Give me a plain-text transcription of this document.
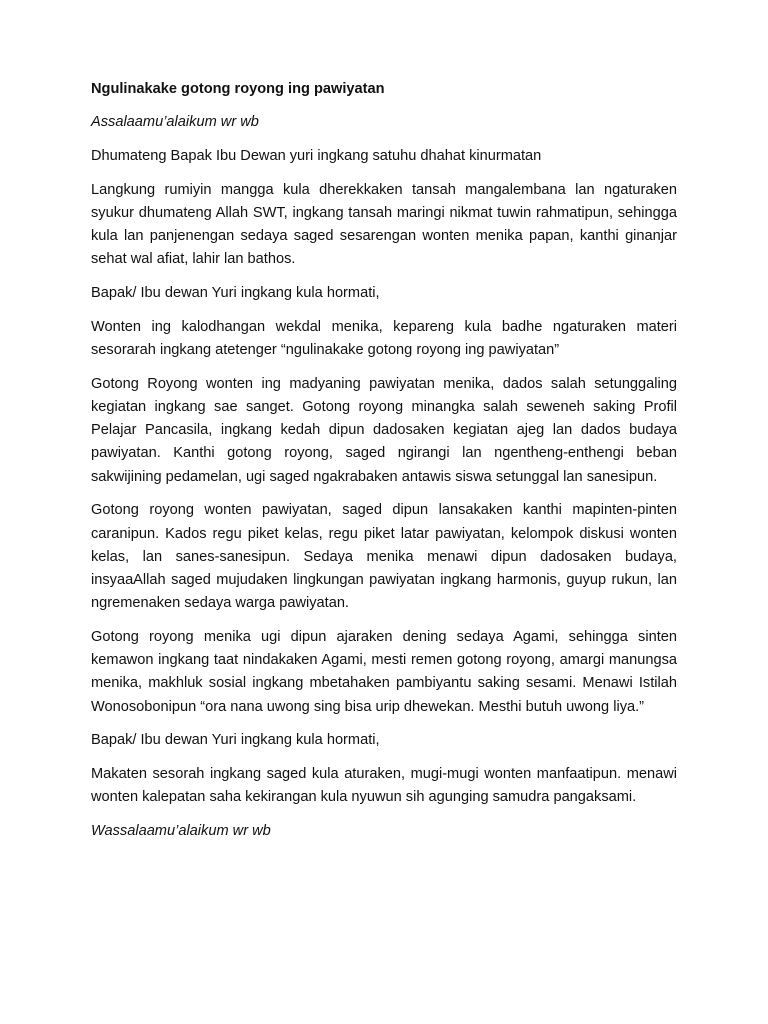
Ngulinakake gotong royong ing pawiyatan

Assalaamu’alaikum wr wb

Dhumateng Bapak Ibu Dewan yuri ingkang satuhu dhahat kinurmatan

Langkung rumiyin mangga kula dherekkaken tansah mangalembana lan ngaturaken syukur dhumateng Allah SWT, ingkang tansah maringi nikmat tuwin rahmatipun, sehingga kula lan panjenengan sedaya saged sesarengan wonten menika papan, kanthi ginanjar sehat wal afiat, lahir lan bathos.

Bapak/ Ibu dewan Yuri ingkang kula hormati,

Wonten ing kalodhangan wekdal menika, kepareng kula badhe ngaturaken materi sesorarah ingkang atetenger “ngulinakake gotong royong ing pawiyatan”

Gotong Royong wonten ing madyaning pawiyatan menika, dados salah setunggaling kegiatan ingkang sae sanget. Gotong royong minangka salah seweneh saking Profil Pelajar Pancasila, ingkang kedah dipun dadosaken kegiatan ajeg lan dados budaya pawiyatan. Kanthi gotong royong, saged ngirangi lan ngentheng-enthengi beban sakwijining pedamelan, ugi saged ngakrabaken antawis siswa setunggal lan sanesipun.

Gotong royong wonten pawiyatan, saged dipun lansakaken kanthi mapinten-pinten caranipun. Kados regu piket kelas, regu piket latar pawiyatan, kelompok diskusi wonten kelas, lan sanes-sanesipun. Sedaya menika menawi dipun dadosaken budaya, insyaaAllah saged mujudaken lingkungan pawiyatan ingkang harmonis, guyup rukun, lan ngremenaken sedaya warga pawiyatan.

Gotong royong menika ugi dipun ajaraken dening sedaya Agami, sehingga sinten kemawon ingkang taat nindakaken Agami, mesti remen gotong royong, amargi manungsa menika, makhluk sosial ingkang mbetahaken pambiyantu saking sesami. Menawi Istilah Wonosobonipun “ora nana uwong sing bisa urip dhewekan. Mesthi butuh uwong liya.”

Bapak/ Ibu dewan Yuri ingkang kula hormati,

Makaten sesorah ingkang saged kula aturaken, mugi-mugi wonten manfaatipun. menawi wonten kalepatan saha kekirangan kula nyuwun sih agunging samudra pangaksami.

Wassalaamu’alaikum wr wb
